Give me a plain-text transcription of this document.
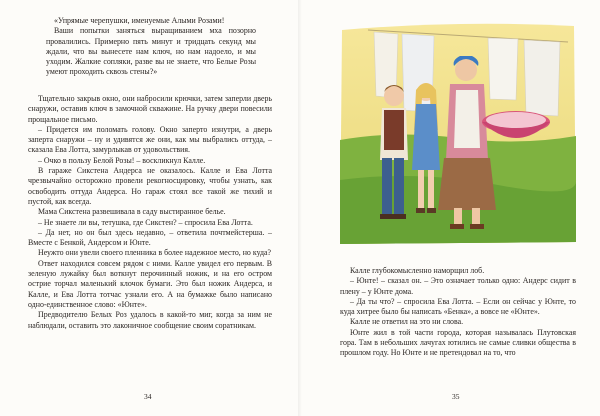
«Упрямые черепушки, именуемые Алыми Розами!

Ваши попытки заняться выращиванием мха позорно провалились. Примерно пять минут и тридцать секунд мы ждали, что вы вынесете нам ключ, но нам надоело, и мы уходим. Жалкие сопляки, разве вы не знаете, что Белые Розы умеют проходить сквозь стены?»

Тщательно закрыв окно, они набросили крючки, затем заперли дверь снаружи, оставив ключ в замочной скважине. На ручку двери повесили прощальное письмо.

– Придется им поломать голову. Окно заперто изнутри, а дверь заперта снаружи – ну и удивятся же они, как мы выбрались оттуда, – сказала Ева Лотта, замурлыкав от удовольствия.

– Очко в пользу Белой Розы! – воскликнул Калле.

В гараже Сикстена Андерса не оказалось. Калле и Ева Лотта чрезвычайно осторожно провели рекогносцировку, чтобы узнать, как освободить оттуда Андерса. Но гараж стоял все такой же тихий и пустой, как всегда.

Мама Сикстена развешивала в саду выстиранное белье.

– Не знаете ли вы, тетушка, где Сикстен? – спросила Ева Лотта.

– Да нет, но он был здесь недавно, – ответила почтмейстерша. – Вместе с Бенкой, Андерсом и Юнте.

Неужто они увели своего пленника в более надежное место, но куда?

Ответ находился совсем рядом с ними. Калле увидел его первым. В зеленую лужайку был воткнут перочинный ножик, и на его остром острие торчал маленький клочок бумаги. Это был ножик Андерса, и Калле, и Ева Лотта тотчас узнали его. А на бумажке было написано одно-единственное слово: «Юнте».

Предводителю Белых Роз удалось в какой-то миг, когда за ним не наблюдали, оставить это лаконичное сообщение своим соратникам.

34

Калле глубокомысленно наморщил лоб.

– Юнте! – сказал он. – Это означает только одно: Андерс сидит в плену – у Юнте дома.

– Да ты что? – спросила Ева Лотта. – Если он сейчас у Юнте, то куда хитрее было бы написать «Бенка», а вовсе не «Юнте».

Калле не ответил на это ни слова.

Юнте жил в той части города, которая называлась Плутовская гора. Там в небольших лачугах ютились не самые сливки общества в прошлом году. Но Юнте и не претендовал на то, что

35
